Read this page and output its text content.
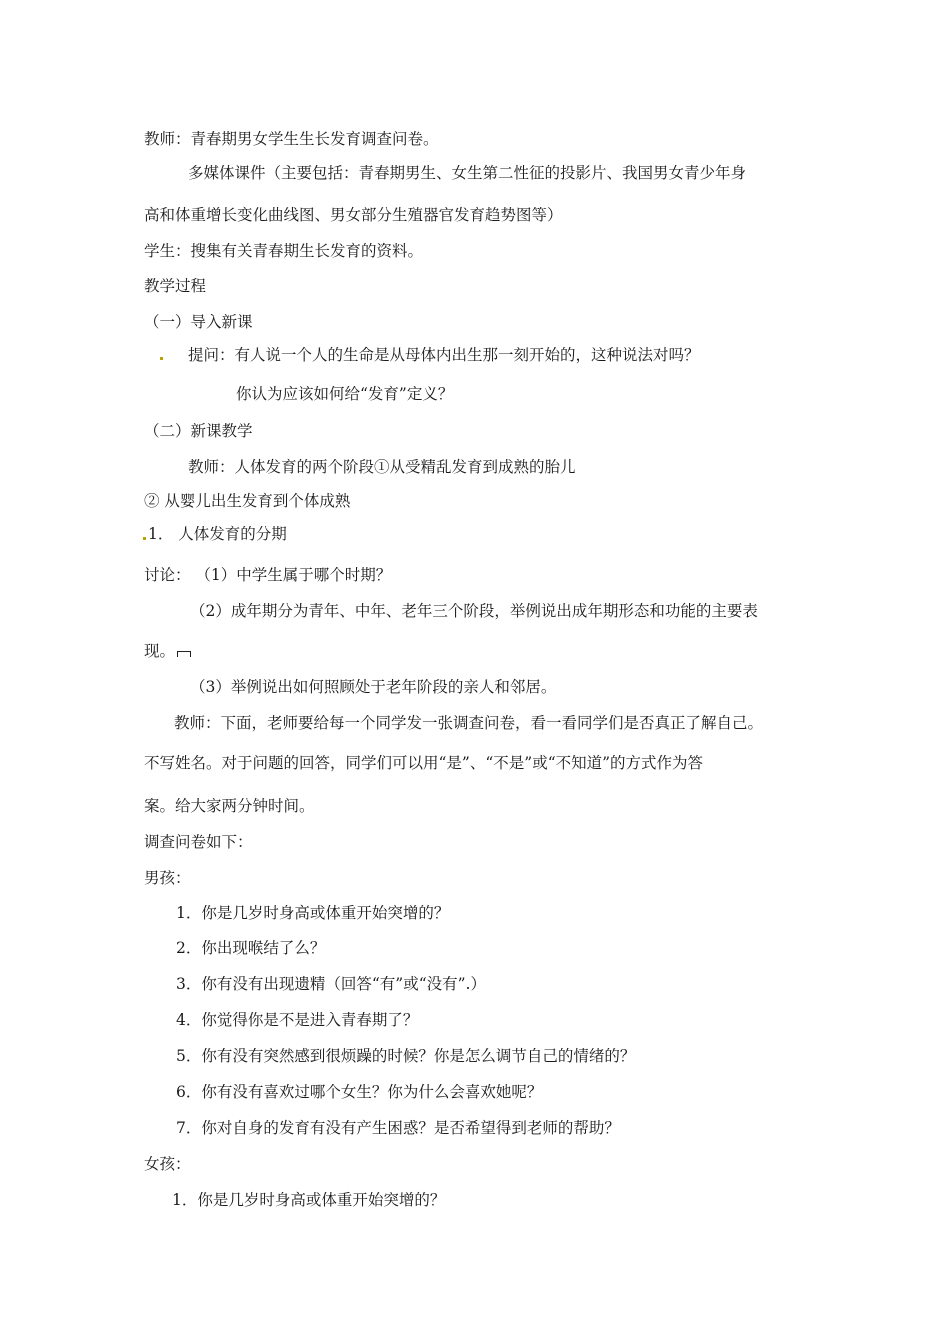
教师：青春期男女学生生长发育调查问卷。
多媒体课件（主要包括：青春期男生、女生第二性征的投影片、我国男女青少年身
高和体重增长变化曲线图、男女部分生殖器官发育趋势图等）
学生：搜集有关青春期生长发育的资料。
教学过程
（一）导入新课
提问：有人说一个人的生命是从母体内出生那一刻开始的，这种说法对吗？
你认为应该如何给“发育”定义？
（二）新课教学
教师：人体发育的两个阶段①从受精乱发育到成熟的胎儿
② 从婴儿出生发育到个体成熟
1． 人体发育的分期
讨论： （1）中学生属于哪个时期？
（2）成年期分为青年、中年、老年三个阶段，举例说出成年期形态和功能的主要表
现。
（3）举例说出如何照顾处于老年阶段的亲人和邻居。
教师：下面，老师要给每一个同学发一张调查问卷，看一看同学们是否真正了解自己。
不写姓名。对于问题的回答，同学们可以用“是”、“不是”或“不知道”的方式作为答
案。给大家两分钟时间。
调查问卷如下：
男孩：
1．你是几岁时身高或体重开始突增的？
2．你出现喉结了么？
3．你有没有出现遗精（回答“有”或“没有”.）
4．你觉得你是不是进入青春期了？
5．你有没有突然感到很烦躁的时候？你是怎么调节自己的情绪的？
6．你有没有喜欢过哪个女生？你为什么会喜欢她呢？
7．你对自身的发育有没有产生困惑？是否希望得到老师的帮助？
女孩：
1．你是几岁时身高或体重开始突增的？
